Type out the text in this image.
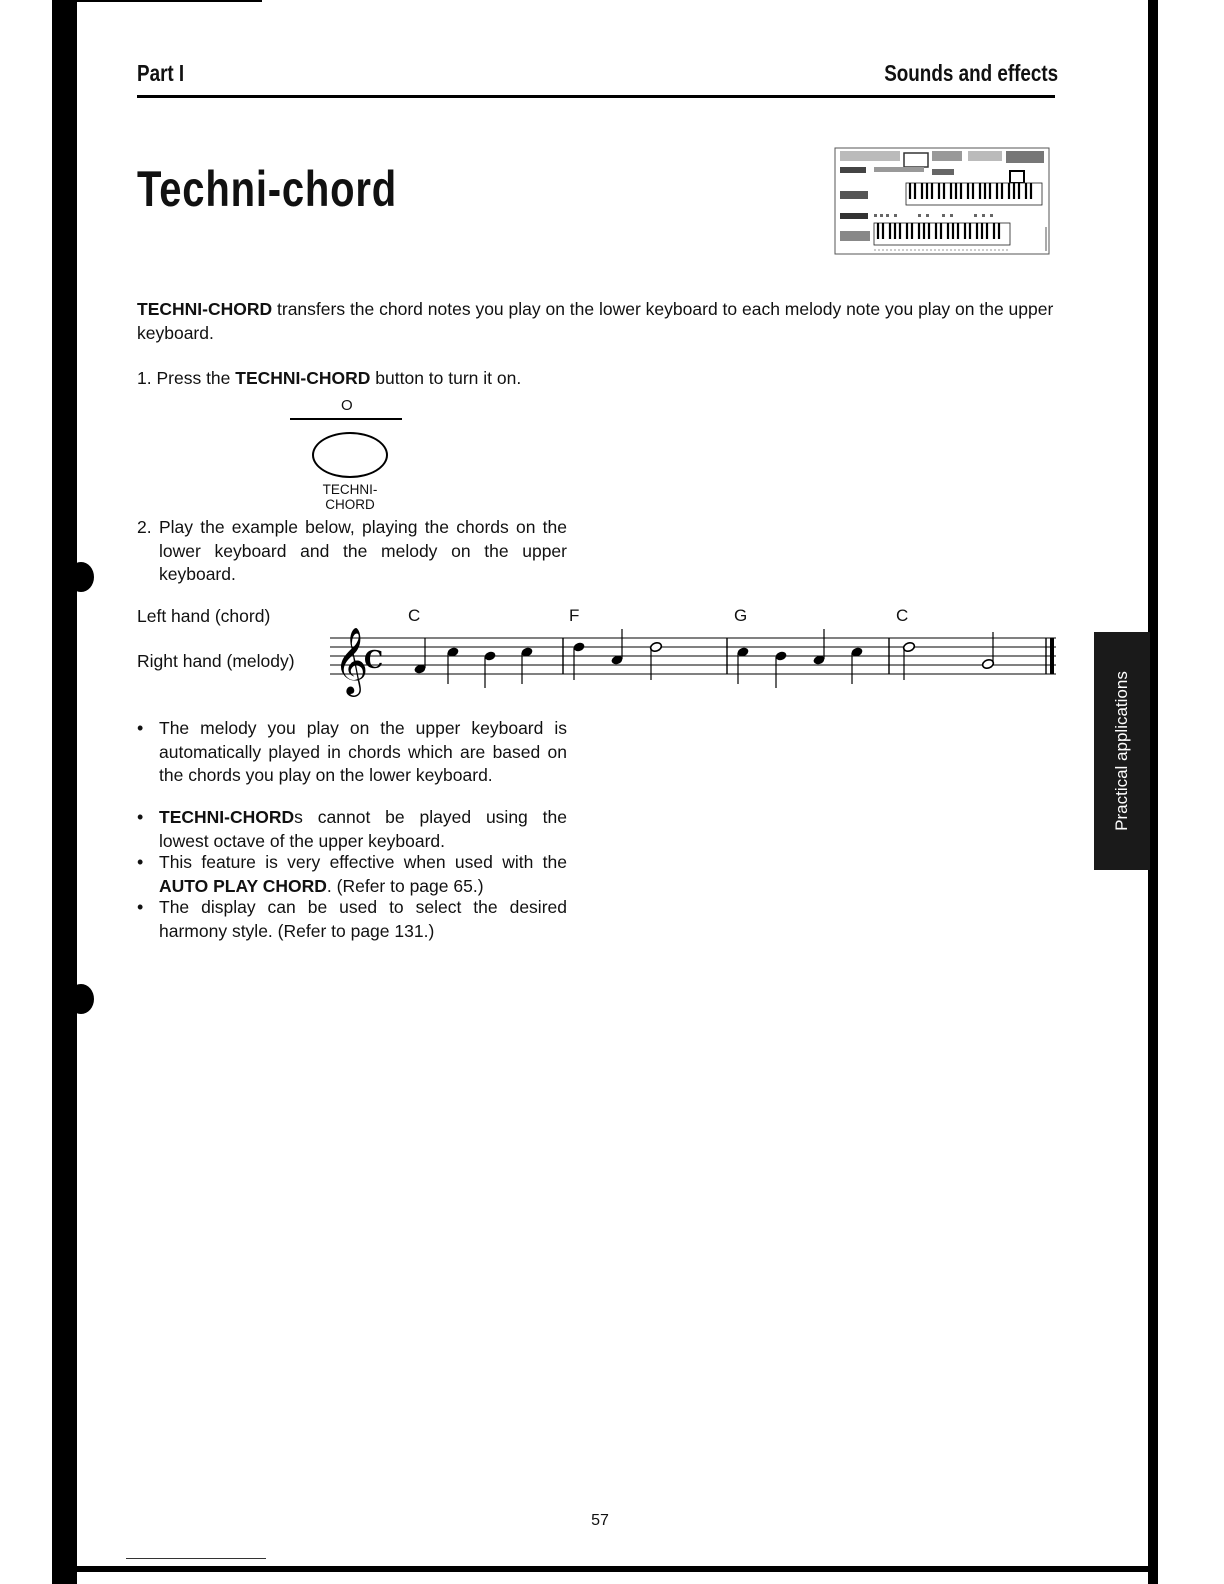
Part I	Sounds and effects
Techni-chord
TECHNI-CHORD transfers the chord notes you play on the lower keyboard to each melody note you play on the upper keyboard.
1. Press the TECHNI-CHORD button to turn it on.
O
TECHNI-
CHORD
2. Play the example below, playing the chords on the lower keyboard and the melody on the upper keyboard.
Left hand (chord)
Right hand (melody)
C	F	G	C
𝄞
C
• The melody you play on the upper keyboard is automatically played in chords which are based on the chords you play on the lower keyboard.
• TECHNI-CHORDs cannot be played using the lowest octave of the upper keyboard.
• This feature is very effective when used with the AUTO PLAY CHORD. (Refer to page 65.)
• The display can be used to select the desired harmony style. (Refer to page 131.)
Practical applications
57
